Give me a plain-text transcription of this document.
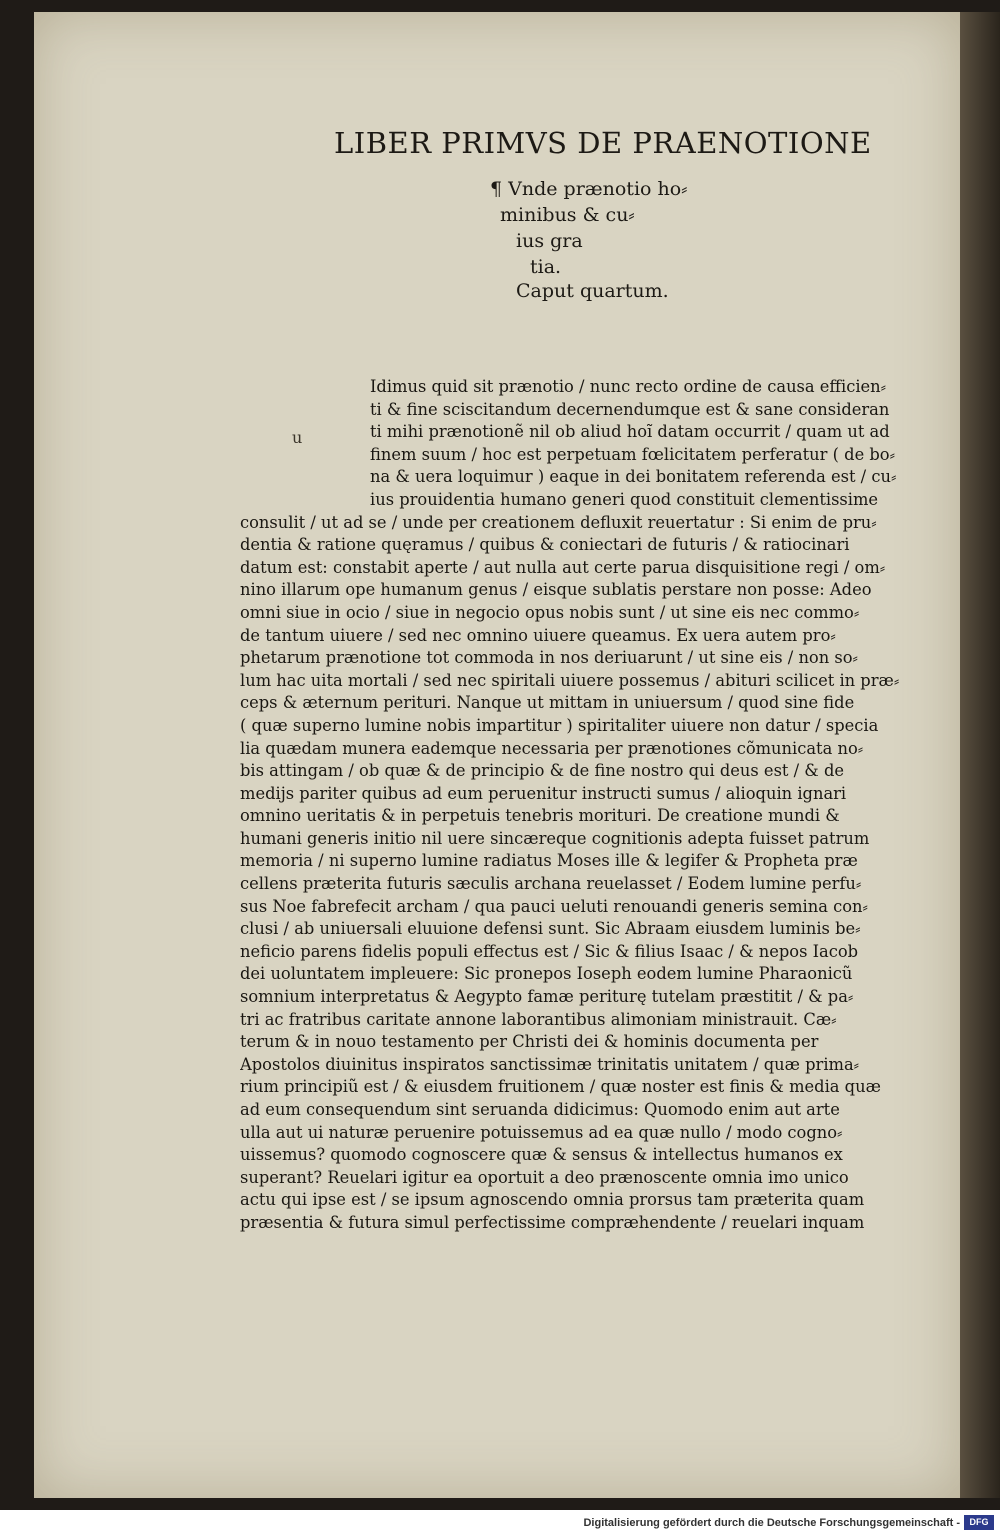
LIBER PRIMVS DE PRAENOTIONE
¶ Vnde prænotio ho⸗
minibus & cu⸗
ius gra
tia.
Caput quartum.
u
Idimus quid sit prænotio / nunc recto ordine de causa efficien⸗
ti & fine sciscitandum decernendumque est & sane consideran
ti mihi prænotionẽ nil ob aliud hoĩ datam occurrit / quam ut ad
finem suum / hoc est perpetuam fœlicitatem perferatur ( de bo⸗
na & uera loquimur ) eaque in dei bonitatem referenda est / cu⸗
ius prouidentia humano generi quod constituit clementissime
consulit / ut ad se / unde per creationem defluxit reuertatur : Si enim de pru⸗
dentia & ratione quęramus / quibus & coniectari de futuris / & ratiocinari
datum est: constabit aperte / aut nulla aut certe parua disquisitione regi / om⸗
nino illarum ope humanum genus / eisque sublatis perstare non posse: Adeo
omni siue in ocio / siue in negocio opus nobis sunt / ut sine eis nec commo⸗
de tantum uiuere / sed nec omnino uiuere queamus. Ex uera autem pro⸗
phetarum prænotione tot commoda in nos deriuarunt / ut sine eis / non so⸗
lum hac uita mortali / sed nec spiritali uiuere possemus / abituri scilicet in præ⸗
ceps & æternum perituri. Nanque ut mittam in uniuersum / quod sine fide
( quæ superno lumine nobis impartitur ) spiritaliter uiuere non datur / specia
lia quædam munera eademque necessaria per prænotiones cõmunicata no⸗
bis attingam / ob quæ & de principio & de fine nostro qui deus est / & de
medijs pariter quibus ad eum peruenitur instructi sumus / alioquin ignari
omnino ueritatis & in perpetuis tenebris morituri. De creatione mundi &
humani generis initio nil uere sincæreque cognitionis adepta fuisset patrum
memoria / ni superno lumine radiatus Moses ille & legifer & Propheta præ
cellens præterita futuris sæculis archana reuelasset / Eodem lumine perfu⸗
sus Noe fabrefecit archam / qua pauci ueluti renouandi generis semina con⸗
clusi / ab uniuersali eluuione defensi sunt. Sic Abraam eiusdem luminis be⸗
neficio parens fidelis populi effectus est / Sic & filius Isaac / & nepos Iacob
dei uoluntatem impleuere: Sic pronepos Ioseph eodem lumine Pharaonicũ
somnium interpretatus & Aegypto famæ periturę tutelam præstitit / & pa⸗
tri ac fratribus caritate annone laborantibus alimoniam ministrauit. Cæ⸗
terum & in nouo testamento per Christi dei & hominis documenta per
Apostolos diuinitus inspiratos sanctissimæ trinitatis unitatem / quæ prima⸗
rium principiũ est / & eiusdem fruitionem / quæ noster est finis & media quæ
ad eum consequendum sint seruanda didicimus: Quomodo enim aut arte
ulla aut ui naturæ peruenire potuissemus ad ea quæ nullo / modo cogno⸗
uissemus? quomodo cognoscere quæ & sensus & intellectus humanos ex
superant? Reuelari igitur ea oportuit a deo prænoscente omnia imo unico
actu qui ipse est / se ipsum agnoscendo omnia prorsus tam præterita quam
præsentia & futura simul perfectissime compræhendente / reuelari inquam
Digitalisierung gefördert durch die Deutsche Forschungsgemeinschaft -	DFG
